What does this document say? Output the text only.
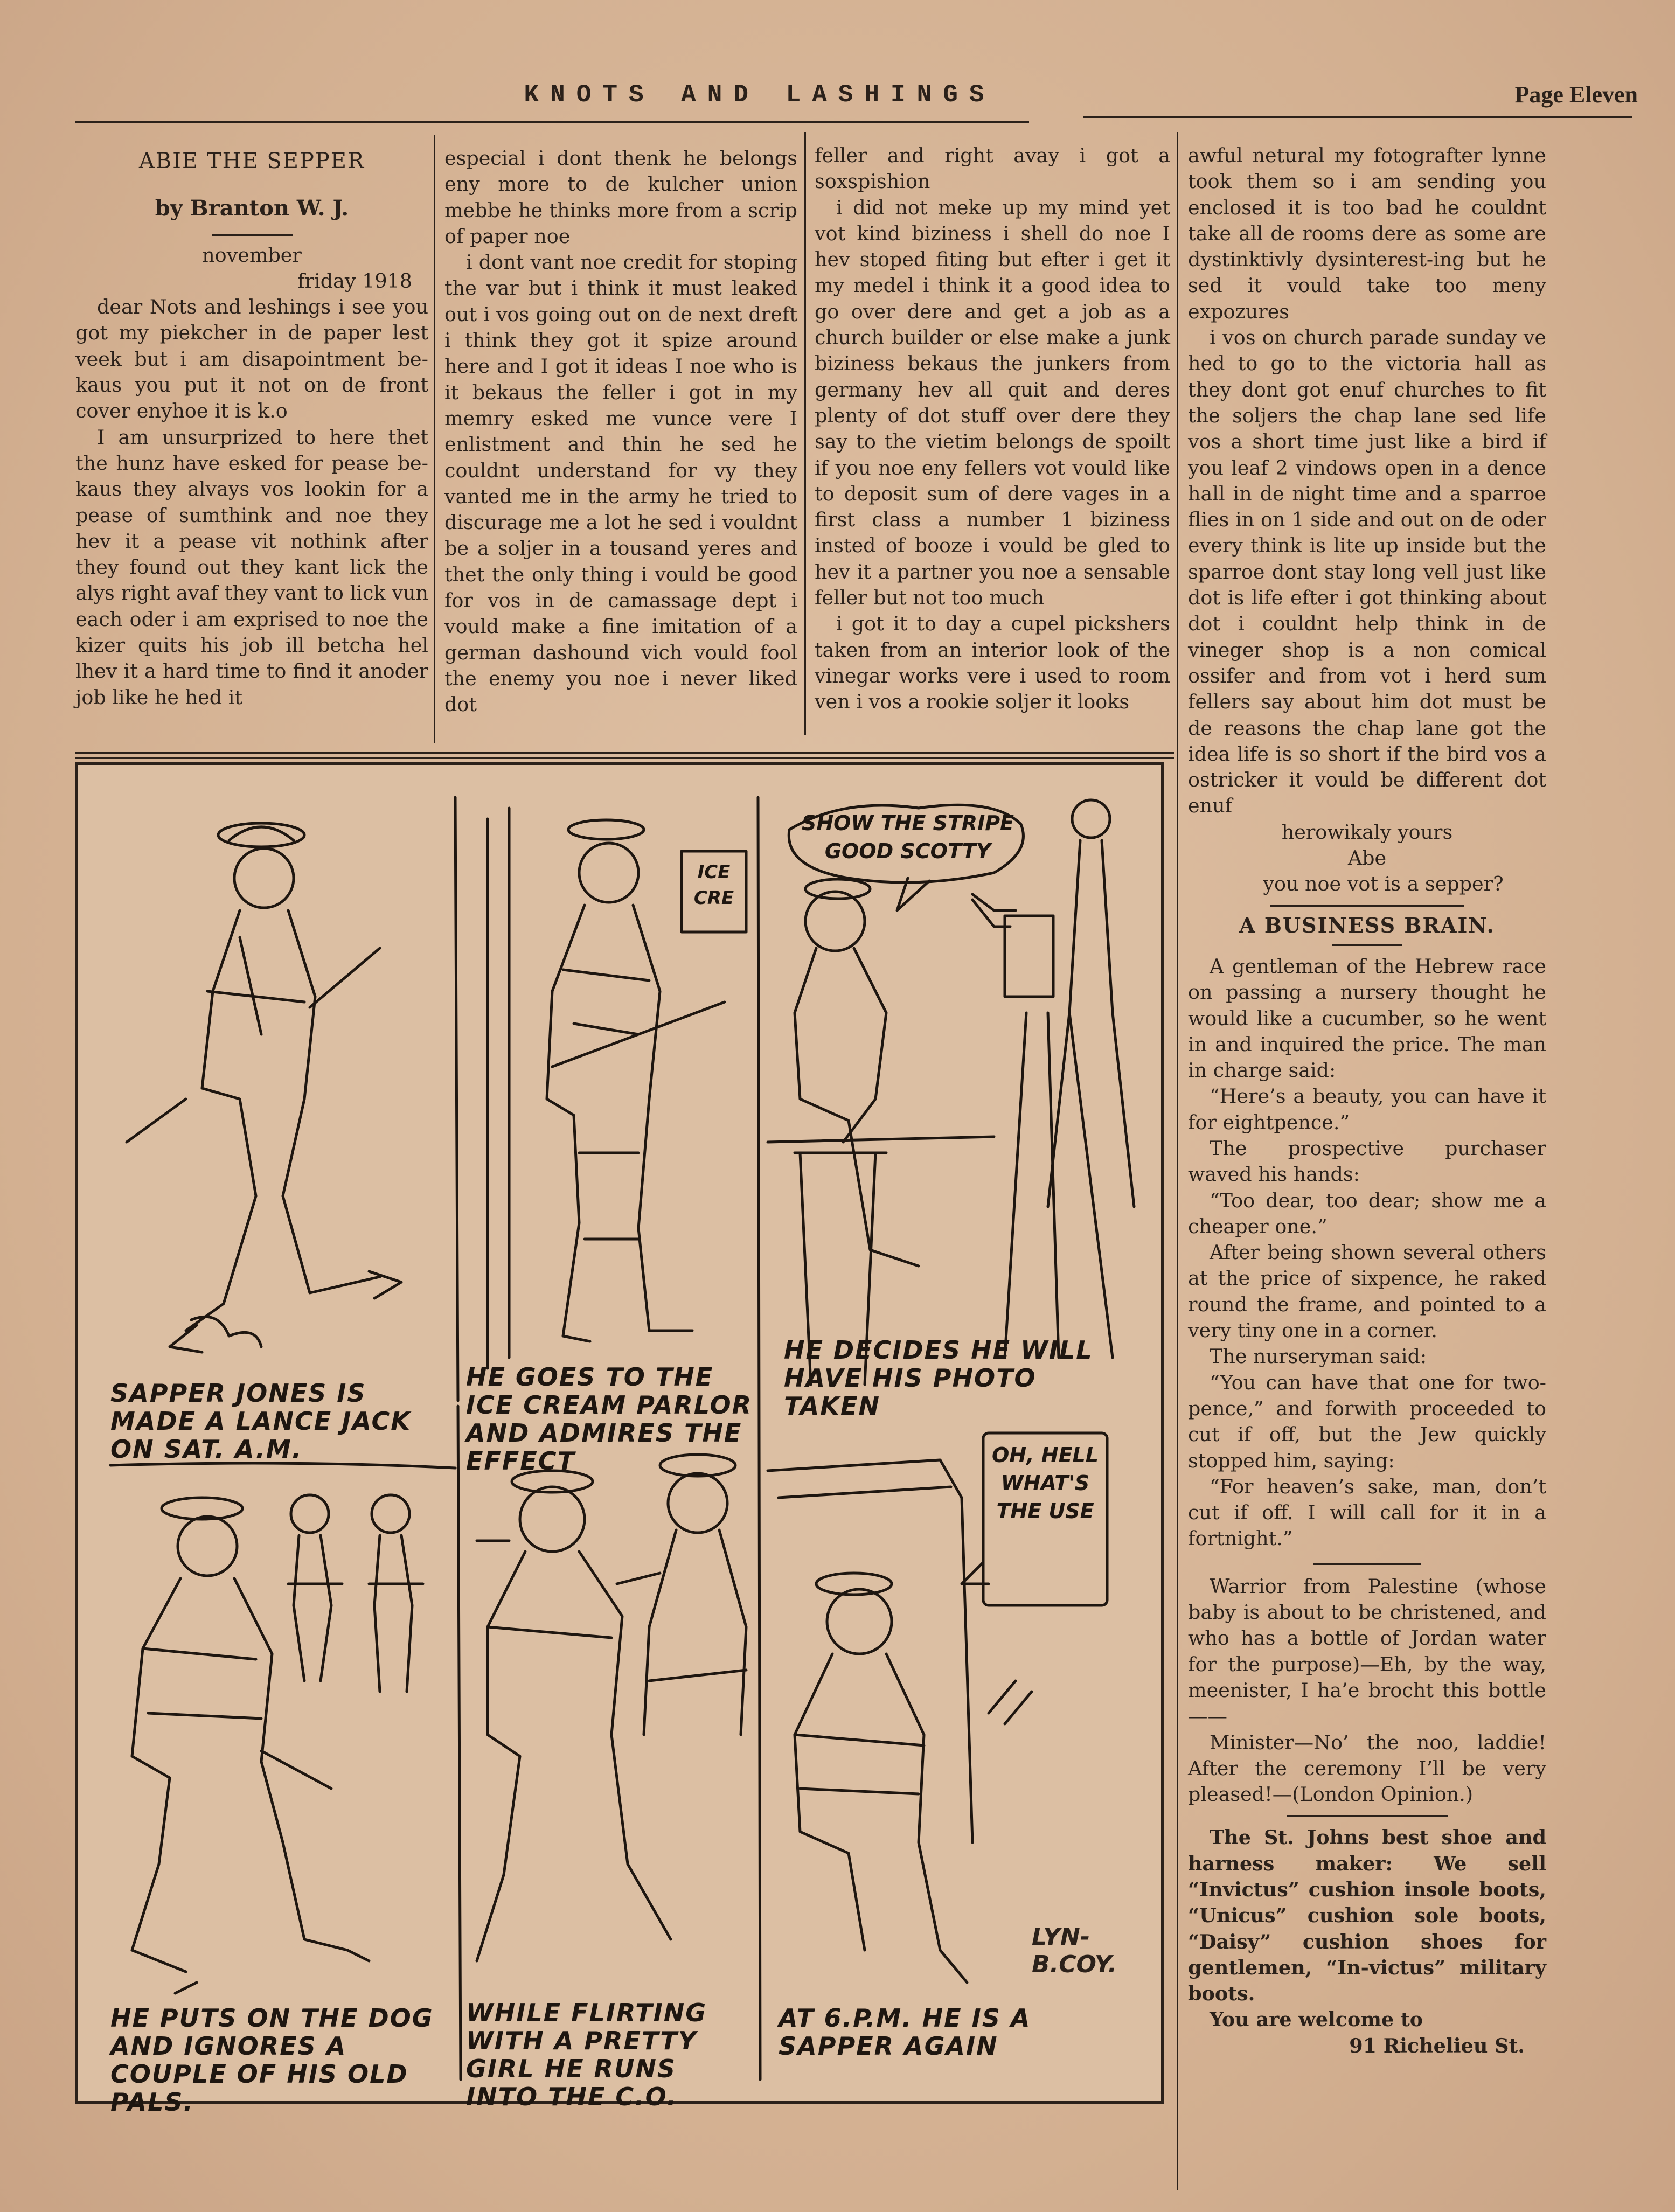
KNOTS AND LASHINGS	Page Eleven
ABIE THE SEPPER
by Branton W. J.

november

friday 1918

dear Nots and leshings i see you got my piekcher in de paper lest veek but i am disapointment be-kaus you put it not on de front cover enyhoe it is k.o

I am unsurprized to here thet the hunz have esked for pease be-kaus they alvays vos lookin for a pease of sumthink and noe they hev it a pease vit nothink after they found out they kant lick the alys right avaf they vant to lick vun each oder i am exprised to noe the kizer quits his job ill betcha hel lhev it a hard time to find it anoder job like he hed it

especial i dont thenk he belongs eny more to de kulcher union mebbe he thinks more from a scrip of paper noe

i dont vant noe credit for stoping the var but i think it must leaked out i vos going out on de next dreft i think they got it spize around here and I got it ideas I noe who is it bekaus the feller i got in my memry esked me vunce vere I enlistment and thin he sed he couldnt understand for vy they vanted me in the army he tried to discurage me a lot he sed i vouldnt be a soljer in a tousand yeres and thet the only thing i vould be good for vos in de camassage dept i vould make a fine imitation of a german dashound vich vould fool the enemy you noe i never liked dot

feller and right avay i got a soxspishion

i did not meke up my mind yet vot kind biziness i shell do noe I hev stoped fiting but efter i get it my medel i think it a good idea to go over dere and get a job as a church builder or else make a junk biziness bekaus the junkers from germany hev all quit and deres plenty of dot stuff over dere they say to the vietim belongs de spoilt if you noe eny fellers vot vould like to deposit sum of dere vages in a first class a number 1 biziness insted of booze i vould be gled to hev it a partner you noe a sensable feller but not too much

i got it to day a cupel pickshers taken from an interior look of the vinegar works vere i used to room ven i vos a rookie soljer it looks

awful netural my fotografter lynne took them so i am sending you enclosed it is too bad he couldnt take all de rooms dere as some are dystinktivly dysinterest-ing but he sed it vould take too meny expozures

i vos on church parade sunday ve hed to go to the victoria hall as they dont got enuf churches to fit the soljers the chap lane sed life vos a short time just like a bird if you leaf 2 vindows open in a dence hall in de night time and a sparroe flies in on 1 side and out on de oder every think is lite up inside but the sparroe dont stay long vell just like dot is life efter i got thinking about dot i couldnt help think in de vineger shop is a non comical ossifer and from vot i herd sum fellers say about him dot must be de reasons the chap lane got the idea life is so short if the bird vos a ostricker it vould be different dot enuf

herowikaly yours

Abe

you noe vot is a sepper?

A BUSINESS BRAIN.

A gentleman of the Hebrew race on passing a nursery thought he would like a cucumber, so he went in and inquired the price. The man in charge said:

“Here’s a beauty, you can have it for eightpence.”

The prospective purchaser waved his hands:

“Too dear, too dear; show me a cheaper one.”

After being shown several others at the price of sixpence, he raked round the frame, and pointed to a very tiny one in a corner.

The nurseryman said:

“You can have that one for two-pence,” and forwith proceeded to cut if off, but the Jew quickly stopped him, saying:

“For heaven’s sake, man, don’t cut if off. I will call for it in a fortnight.”

Warrior from Palestine (whose baby is about to be christened, and who has a bottle of Jordan water for the purpose)—Eh, by the way, meenister, I ha’e brocht this bottle——

Minister—No’ the noo, laddie! After the ceremony I’ll be very pleased!—(London Opinion.)

The St. Johns best shoe and harness maker: We sell “Invictus” cushion insole boots, “Unicus” cushion sole boots, “Daisy” cushion shoes for gentlemen, “In-victus” military boots.

You are welcome to

91 Richelieu St.

SAPPER JONES IS MADE A LANCE JACK ON SAT. A.M.
HE GOES TO THE ICE CREAM PARLOR AND ADMIRES THE EFFECT
HE DECIDES HE WILL HAVE HIS PHOTO TAKEN
HE PUTS ON THE DOG AND IGNORES A COUPLE OF HIS OLD PALS.
WHILE FLIRTING WITH A PRETTY GIRL HE RUNS INTO THE C.O.
AT 6.P.M. HE IS A SAPPER AGAIN
SHOW THE STRIPE GOOD SCOTTY
OH, HELL WHAT'S THE USE
ICE CRE
LYN- B.COY.
